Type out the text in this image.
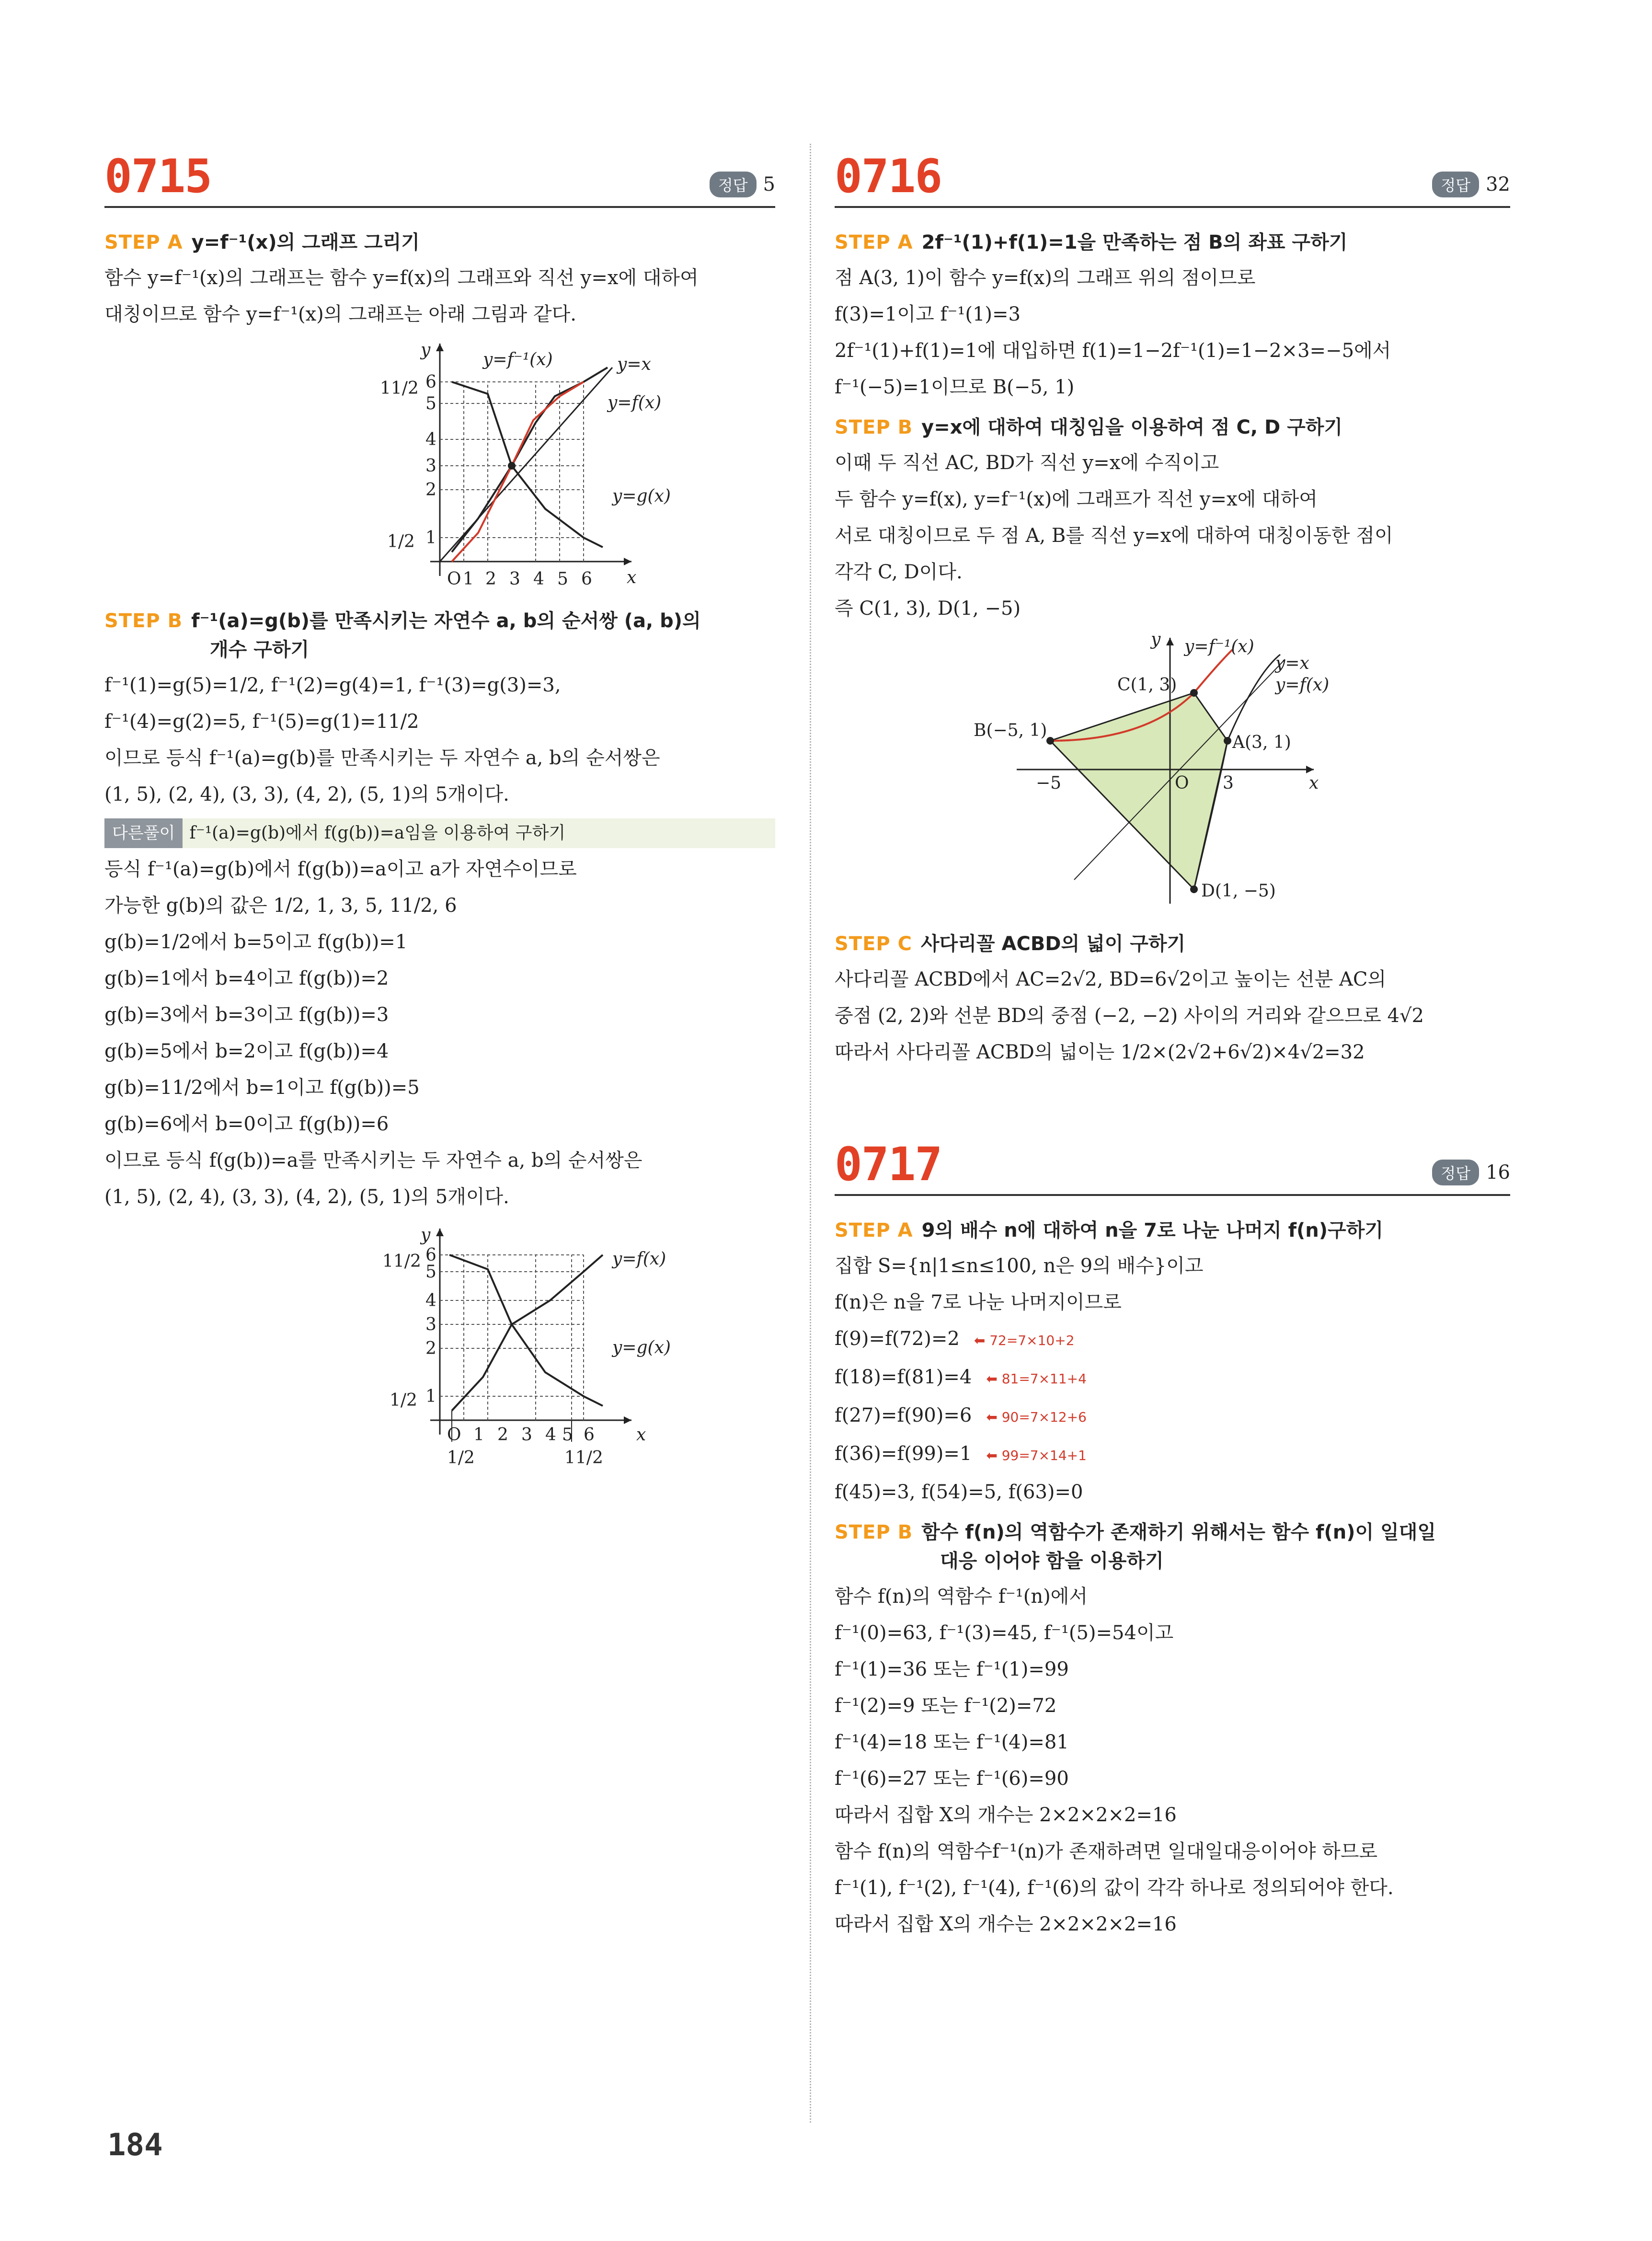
0715	정답 5
STEP A y=f⁻¹(x)의 그래프 그리기

함수 y=f⁻¹(x)의 그래프는 함수 y=f(x)의 그래프와 직선 y=x에 대하여

대칭이므로 함수 y=f⁻¹(x)의 그래프는 아래 그림과 같다.

O 1 2 3 4 5 6 x
y
1
2
3
4
5
6
11/2
1/2
y=f⁻¹(x)	y=x
y=f(x)
y=g(x)
STEP B f⁻¹(a)=g(b)를 만족시키는 자연수 a, b의 순서쌍 (a, b)의
개수 구하기

f⁻¹(1)=g(5)=1/2, f⁻¹(2)=g(4)=1, f⁻¹(3)=g(3)=3,

f⁻¹(4)=g(2)=5, f⁻¹(5)=g(1)=11/2

이므로 등식 f⁻¹(a)=g(b)를 만족시키는 두 자연수 a, b의 순서쌍은

(1, 5), (2, 4), (3, 3), (4, 2), (5, 1)의 5개이다.

다른풀이 f⁻¹(a)=g(b)에서 f(g(b))=a임을 이용하여 구하기

등식 f⁻¹(a)=g(b)에서 f(g(b))=a이고 a가 자연수이므로

가능한 g(b)의 값은 1/2, 1, 3, 5, 11/2, 6

g(b)=1/2에서 b=5이고 f(g(b))=1

g(b)=1에서 b=4이고 f(g(b))=2

g(b)=3에서 b=3이고 f(g(b))=3

g(b)=5에서 b=2이고 f(g(b))=4

g(b)=11/2에서 b=1이고 f(g(b))=5

g(b)=6에서 b=0이고 f(g(b))=6

이므로 등식 f(g(b))=a를 만족시키는 두 자연수 a, b의 순서쌍은

(1, 5), (2, 4), (3, 3), (4, 2), (5, 1)의 5개이다.

O 1 2 3 4 5 6 x
y
1
2
3
4
5
6
11/2
1/2
1/2	11/2
y=f(x)
y=g(x)
0716	정답 32
STEP A 2f⁻¹(1)+f(1)=1을 만족하는 점 B의 좌표 구하기

점 A(3, 1)이 함수 y=f(x)의 그래프 위의 점이므로

f(3)=1이고 f⁻¹(1)=3

2f⁻¹(1)+f(1)=1에 대입하면 f(1)=1−2f⁻¹(1)=1−2×3=−5에서

f⁻¹(−5)=1이므로 B(−5, 1)

STEP B y=x에 대하여 대칭임을 이용하여 점 C, D 구하기

이때 두 직선 AC, BD가 직선 y=x에 수직이고

두 함수 y=f(x), y=f⁻¹(x)에 그래프가 직선 y=x에 대하여

서로 대칭이므로 두 점 A, B를 직선 y=x에 대하여 대칭이동한 점이

각각 C, D이다.

즉 C(1, 3), D(1, −5)

y
x
O
−5	3
B(−5, 1)
C(1, 3)
A(3, 1)
D(1, −5)
y=f⁻¹(x)
y=x
y=f(x)
STEP C 사다리꼴 ACBD의 넓이 구하기

사다리꼴 ACBD에서 AC=2√2, BD=6√2이고 높이는 선분 AC의

중점 (2, 2)와 선분 BD의 중점 (−2, −2) 사이의 거리와 같으므로 4√2

따라서 사다리꼴 ACBD의 넓이는 1/2×(2√2+6√2)×4√2=32

0717	정답 16
STEP A 9의 배수 n에 대하여 n을 7로 나눈 나머지 f(n)구하기

집합 S={n|1≤n≤100, n은 9의 배수}이고

f(n)은 n을 7로 나눈 나머지이므로

f(9)=f(72)=2 ⬅ 72=7×10+2

f(18)=f(81)=4 ⬅ 81=7×11+4

f(27)=f(90)=6 ⬅ 90=7×12+6

f(36)=f(99)=1 ⬅ 99=7×14+1

f(45)=3, f(54)=5, f(63)=0

STEP B 함수 f(n)의 역함수가 존재하기 위해서는 함수 f(n)이 일대일
대응 이어야 함을 이용하기

함수 f(n)의 역함수 f⁻¹(n)에서

f⁻¹(0)=63, f⁻¹(3)=45, f⁻¹(5)=54이고

f⁻¹(1)=36 또는 f⁻¹(1)=99

f⁻¹(2)=9 또는 f⁻¹(2)=72

f⁻¹(4)=18 또는 f⁻¹(4)=81

f⁻¹(6)=27 또는 f⁻¹(6)=90

따라서 집합 X의 개수는 2×2×2×2=16

함수 f(n)의 역함수f⁻¹(n)가 존재하려면 일대일대응이어야 하므로

f⁻¹(1), f⁻¹(2), f⁻¹(4), f⁻¹(6)의 값이 각각 하나로 정의되어야 한다.

따라서 집합 X의 개수는 2×2×2×2=16

184
